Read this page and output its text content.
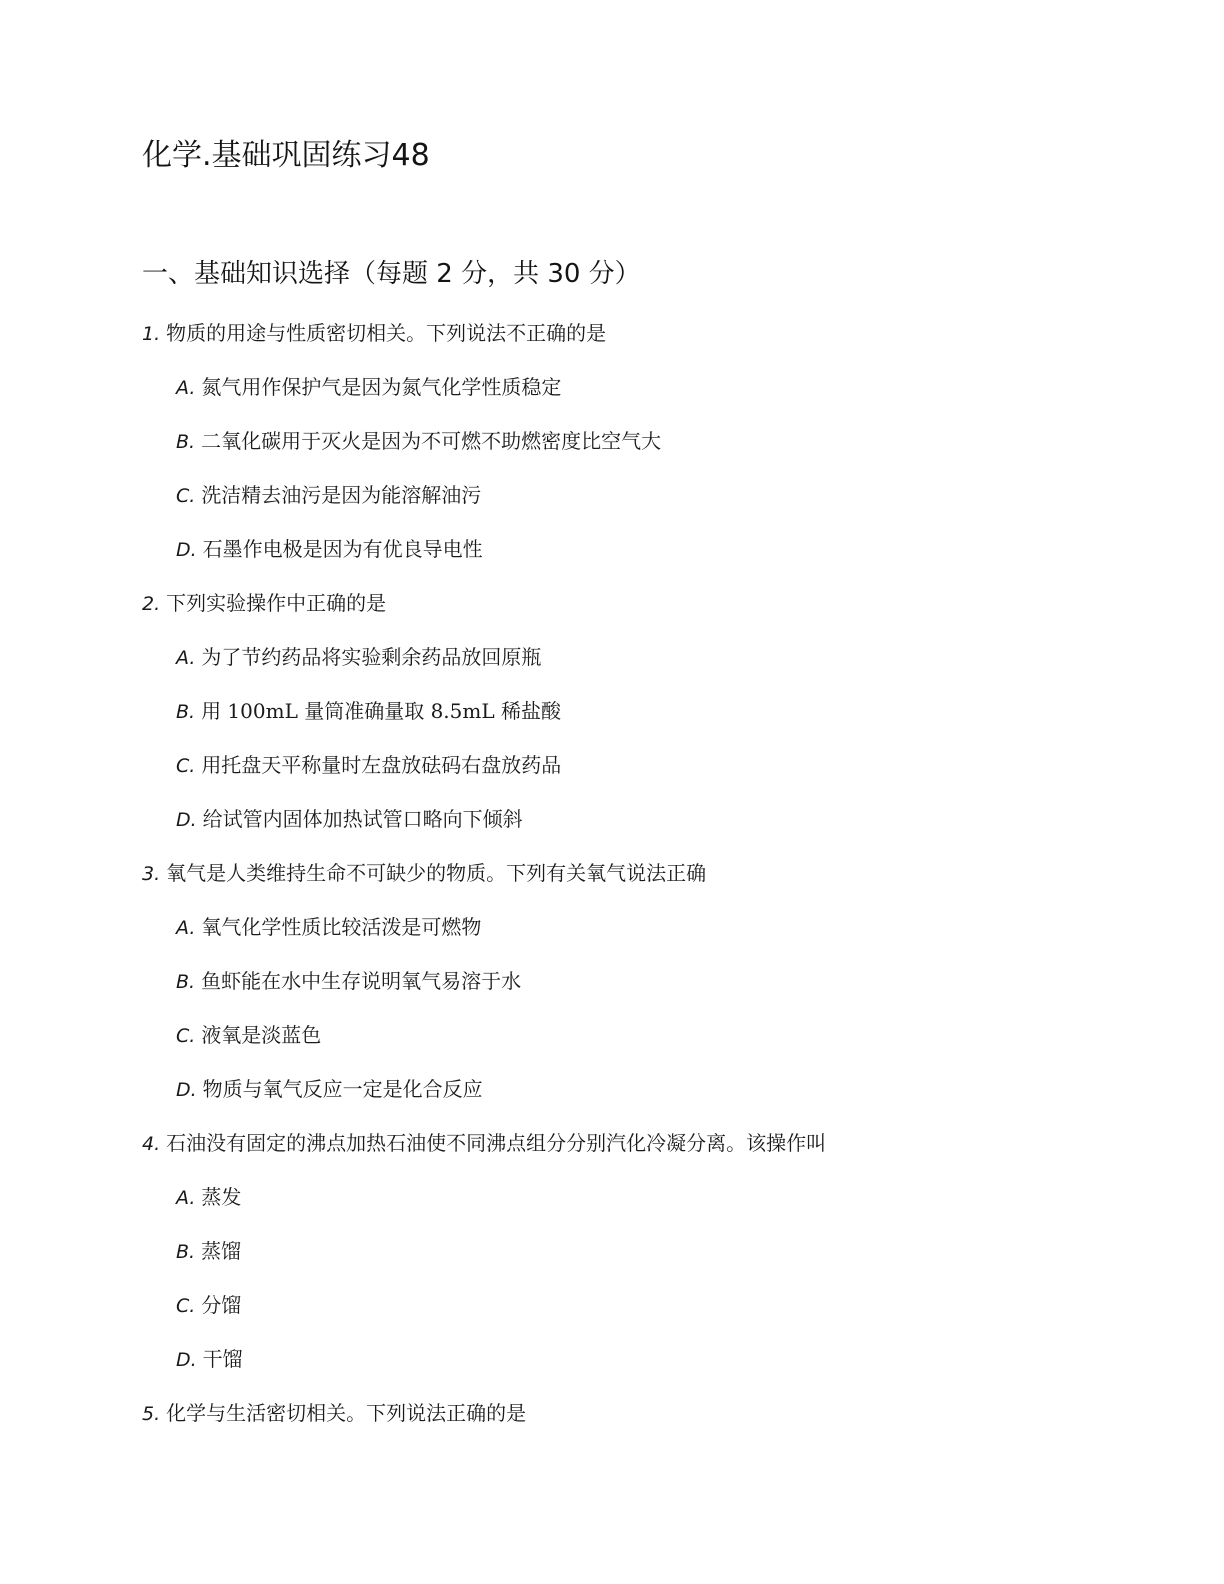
化学.基础巩固练习48
一、基础知识选择（每题 2 分，共 30 分）
1. 物质的用途与性质密切相关。下列说法不正确的是
A. 氮气用作保护气是因为氮气化学性质稳定
B. 二氧化碳用于灭火是因为不可燃不助燃密度比空气大
C. 洗洁精去油污是因为能溶解油污
D. 石墨作电极是因为有优良导电性
2. 下列实验操作中正确的是
A. 为了节约药品将实验剩余药品放回原瓶
B. 用 100mL 量筒准确量取 8.5mL 稀盐酸
C. 用托盘天平称量时左盘放砝码右盘放药品
D. 给试管内固体加热试管口略向下倾斜
3. 氧气是人类维持生命不可缺少的物质。下列有关氧气说法正确
A. 氧气化学性质比较活泼是可燃物
B. 鱼虾能在水中生存说明氧气易溶于水
C. 液氧是淡蓝色
D. 物质与氧气反应一定是化合反应
4. 石油没有固定的沸点加热石油使不同沸点组分分别汽化冷凝分离。该操作叫
A. 蒸发
B. 蒸馏
C. 分馏
D. 干馏
5. 化学与生活密切相关。下列说法正确的是
